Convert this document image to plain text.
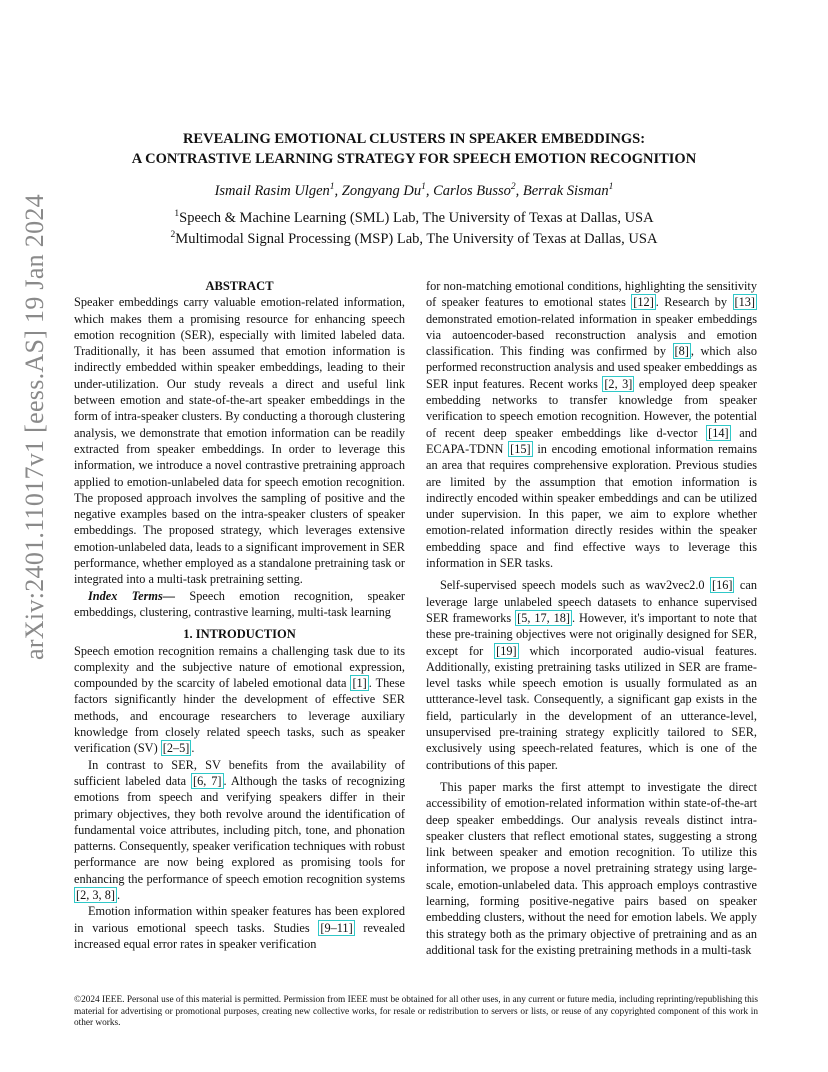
arXiv:2401.11017v1 [eess.AS] 19 Jan 2024

REVEALING EMOTIONAL CLUSTERS IN SPEAKER EMBEDDINGS:
A CONTRASTIVE LEARNING STRATEGY FOR SPEECH EMOTION RECOGNITION

Ismail Rasim Ulgen$^1$, Zongyang Du$^1$, Carlos Busso$^2$, Berrak Sisman$^1$
$^1$Speech & Machine Learning (SML) Lab, The University of Texas at Dallas, USA
$^2$Multimodal Signal Processing (MSP) Lab, The University of Texas at Dallas, USA

ABSTRACT

Speaker embeddings carry valuable emotion-related information, which makes them a promising resource for enhancing speech emotion recognition (SER), especially with limited labeled data. Traditionally, it has been assumed that emotion information is indirectly embedded within speaker embeddings, leading to their under-utilization. Our study reveals a direct and useful link between emotion and state-of-the-art speaker embeddings in the form of intra-speaker clusters. By conducting a thorough clustering analysis, we demonstrate that emotion information can be readily extracted from speaker embeddings. In order to leverage this information, we introduce a novel contrastive pretraining approach applied to emotion-unlabeled data for speech emotion recognition. The proposed approach involves the sampling of positive and the negative examples based on the intra-speaker clusters of speaker embeddings. The proposed strategy, which leverages extensive emotion-unlabeled data, leads to a significant improvement in SER performance, whether employed as a standalone pretraining task or integrated into a multi-task pretraining setting.

Index Terms— Speech emotion recognition, speaker embeddings, clustering, contrastive learning, multi-task learning

1. INTRODUCTION

Speech emotion recognition remains a challenging task due to its complexity and the subjective nature of emotional expression, compounded by the scarcity of labeled emotional data [1] . These factors significantly hinder the development of effective SER methods, and encourage researchers to leverage auxiliary knowledge from closely related speech tasks, such as speaker verification (SV) [2–5] .

In contrast to SER, SV benefits from the availability of sufficient labeled data [6, 7] . Although the tasks of recognizing emotions from speech and verifying speakers differ in their primary objectives, they both revolve around the identification of fundamental voice attributes, including pitch, tone, and phonation patterns. Consequently, speaker verification techniques with robust performance are now being explored as promising tools for enhancing the performance of speech emotion recognition systems [2, 3, 8] .

Emotion information within speaker features has been explored in various emotional speech tasks. Studies [9–11] revealed increased equal error rates in speaker verification

for non-matching emotional conditions, highlighting the sensitivity of speaker features to emotional states [12] . Research by [13] demonstrated emotion-related information in speaker embeddings via autoencoder-based reconstruction analysis and emotion classification. This finding was confirmed by [8] , which also performed reconstruction analysis and used speaker embeddings as SER input features. Recent works [2, 3] employed deep speaker embedding networks to transfer knowledge from speaker verification to speech emotion recognition. However, the potential of recent deep speaker embeddings like d-vector [14] and ECAPA-TDNN [15] in encoding emotional information remains an area that requires comprehensive exploration. Previous studies are limited by the assumption that emotion information is indirectly encoded within speaker embeddings and can be utilized under supervision. In this paper, we aim to explore whether emotion-related information directly resides within the speaker embedding space and find effective ways to leverage this information in SER tasks.

Self-supervised speech models such as wav2vec2.0 [16] can leverage large unlabeled speech datasets to enhance supervised SER frameworks [5, 17, 18] . However, it's important to note that these pre-training objectives were not originally designed for SER, except for [19] which incorporated audio-visual features. Additionally, existing pretraining tasks utilized in SER are frame-level tasks while speech emotion is usually formulated as an uttterance-level task. Consequently, a significant gap exists in the field, particularly in the development of an utterance-level, unsupervised pre-training strategy explicitly tailored to SER, exclusively using speech-related features, which is one of the contributions of this paper.

This paper marks the first attempt to investigate the direct accessibility of emotion-related information within state-of-the-art deep speaker embeddings. Our analysis reveals distinct intra-speaker clusters that reflect emotional states, suggesting a strong link between speaker and emotion recognition. To utilize this information, we propose a novel pretraining strategy using large-scale, emotion-unlabeled data. This approach employs contrastive learning, forming positive-negative pairs based on speaker embedding clusters, without the need for emotion labels. We apply this strategy both as the primary objective of pretraining and as an additional task for the existing pretraining methods in a multi-task

©2024 IEEE. Personal use of this material is permitted. Permission from IEEE must be obtained for all other uses, in any current or future media, including reprinting/republishing this material for advertising or promotional purposes, creating new collective works, for resale or redistribution to servers or lists, or reuse of any copyrighted component of this work in other works.
